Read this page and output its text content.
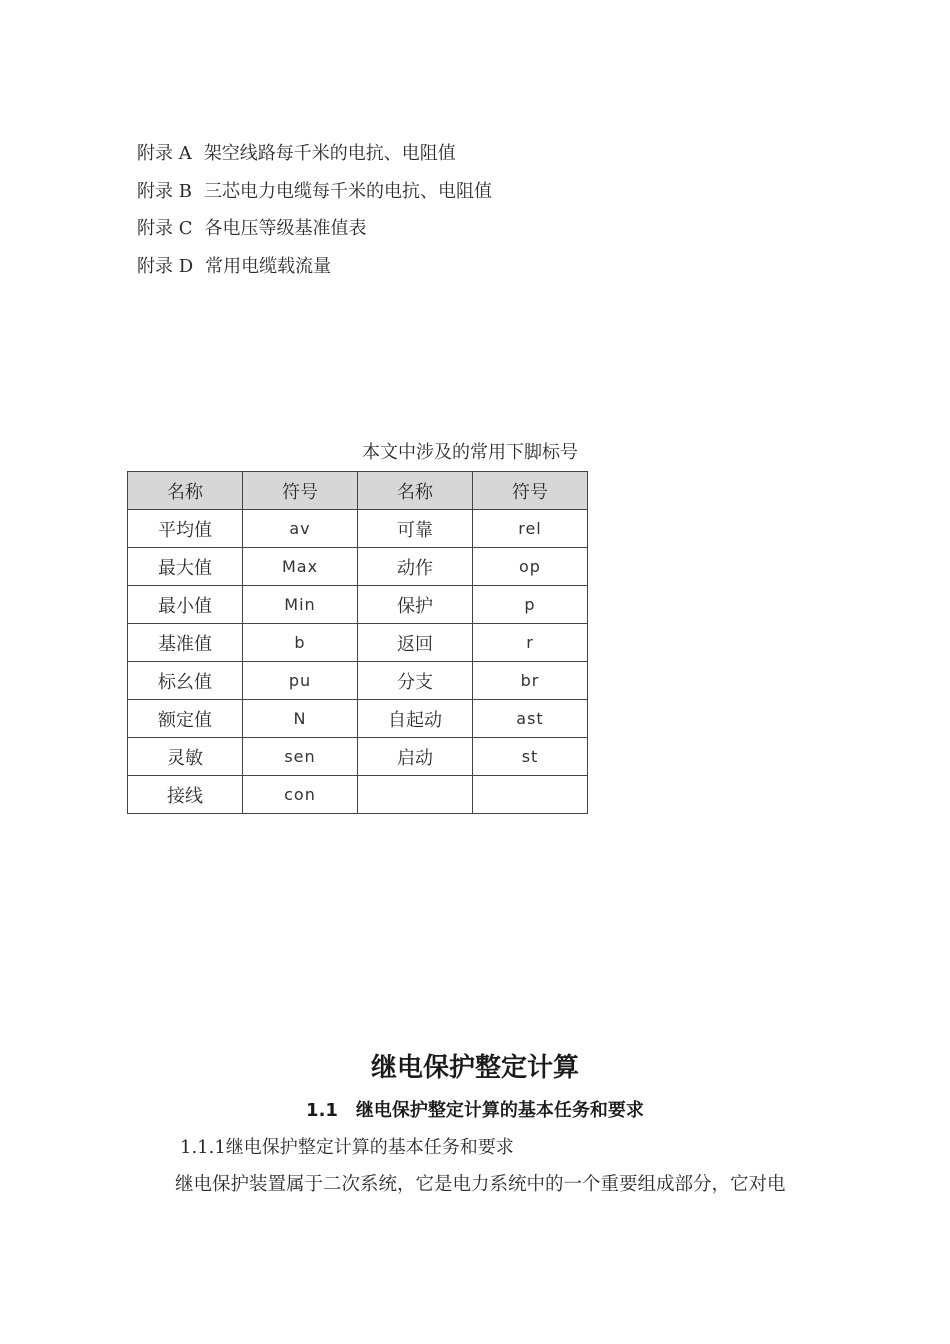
附录 A 架空线路每千米的电抗、电阻值
附录 B 三芯电力电缆每千米的电抗、电阻值
附录 C 各电压等级基准值表
附录 D 常用电缆载流量
本文中涉及的常用下脚标号
名称	符号	名称	符号
平均值	av	可靠	rel
最大值	Max	动作	op
最小值	Min	保护	p
基准值	b	返回	r
标幺值	pu	分支	br
额定值	N	自起动	ast
灵敏	sen	启动	st
接线	con		
继电保护整定计算
1.1　继电保护整定计算的基本任务和要求
1.1.1继电保护整定计算的基本任务和要求
继电保护装置属于二次系统，它是电力系统中的一个重要组成部分，它对电
